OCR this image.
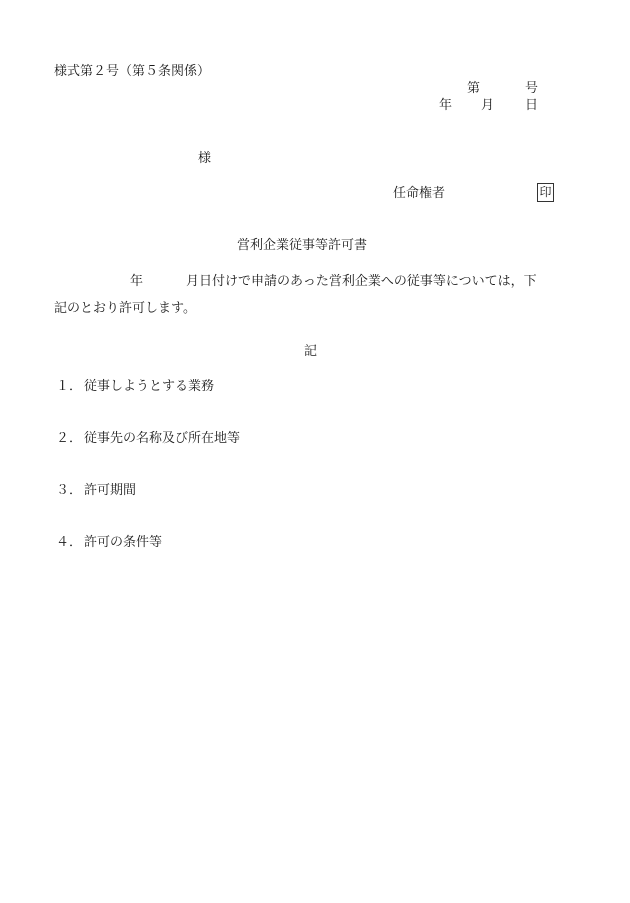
様式第２号（第５条関係）
第	号
年 月 日
様
任命権者	印
営利企業従事等許可書
年	月日付けで申請のあった営利企業への従事等については，下
記のとおり許可します。
記
１． 従事しようとする業務
２． 従事先の名称及び所在地等
３． 許可期間
４． 許可の条件等
